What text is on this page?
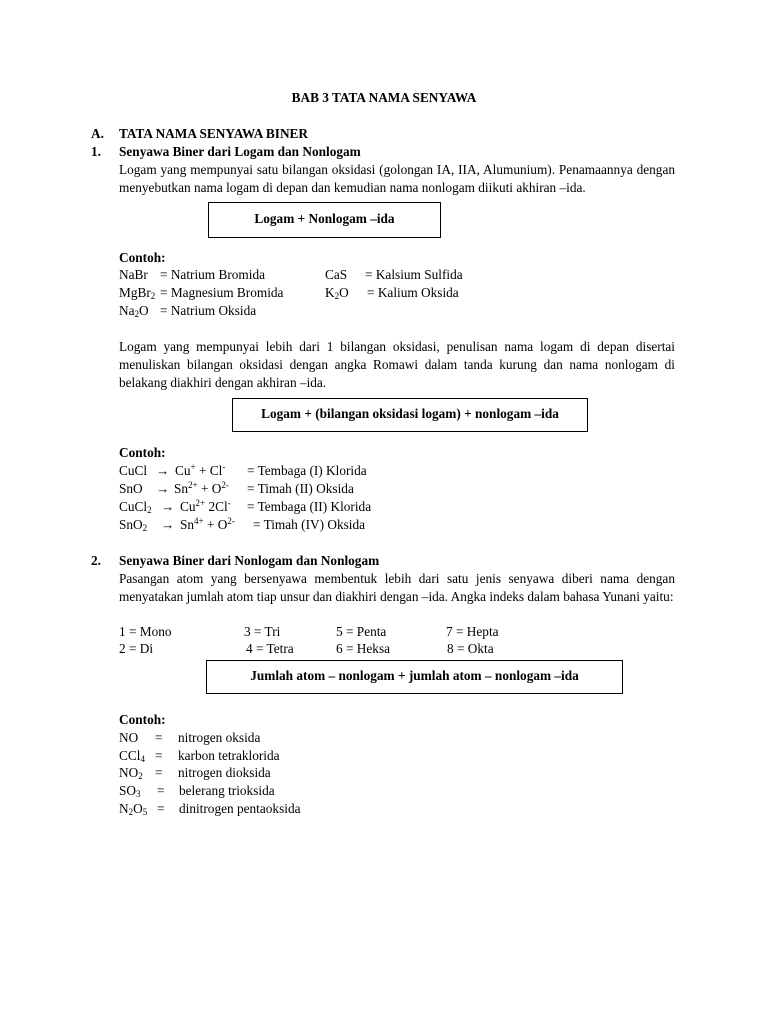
BAB 3 TATA NAMA SENYAWA
A. TATA NAMA SENYAWA BINER
1. Senyawa Biner dari Logam dan Nonlogam
Logam yang mempunyai satu bilangan oksidasi (golongan IA, IIA, Alumunium). Penamaannya dengan menyebutkan nama logam di depan dan kemudian nama nonlogam diikuti akhiran –ida.
Logam + Nonlogam –ida
Contoh:
NaBr = Natrium Bromida	CaS = Kalsium Sulfida
MgBr$_2$ = Magnesium Bromida	$K_2O$ = Kalium Oksida
$Na_2O$ = Natrium Oksida
Logam yang mempunyai lebih dari 1 bilangan oksidasi, penulisan nama logam di depan disertai menuliskan bilangan oksidasi dengan angka Romawi dalam tanda kurung dan nama nonlogam di belakang diakhiri dengan akhiran –ida.
Logam + (bilangan oksidasi logam) + nonlogam –ida
Contoh:
CuCl → Cu+ + Cl- = Tembaga (I) Klorida
SnO → $Sn^{2+} + O^{2-}$ = Timah (II) Oksida
CuCl$_2$ → $Cu^{2+}$ 2Cl- = Tembaga (II) Klorida
$SnO_2 \to Sn^{4+} + O^{2-}$ = Timah (IV) Oksida
2. Senyawa Biner dari Nonlogam dan Nonlogam
Pasangan atom yang bersenyawa membentuk lebih dari satu jenis senyawa diberi nama dengan menyatakan jumlah atom tiap unsur dan diakhiri dengan –ida. Angka indeks dalam bahasa Yunani yaitu:
1 = Mono	3 = Tri	5 = Penta	7 = Hepta
2 = Di	4 = Tetra	6 = Heksa	8 = Okta
Jumlah atom – nonlogam + jumlah atom – nonlogam –ida
Contoh:
NO = nitrogen oksida
CCl$_4$ = karbon tetraklorida
$NO_2$ = nitrogen dioksida
$SO_3$ = belerang trioksida
$N_2O_5$ = dinitrogen pentaoksida
